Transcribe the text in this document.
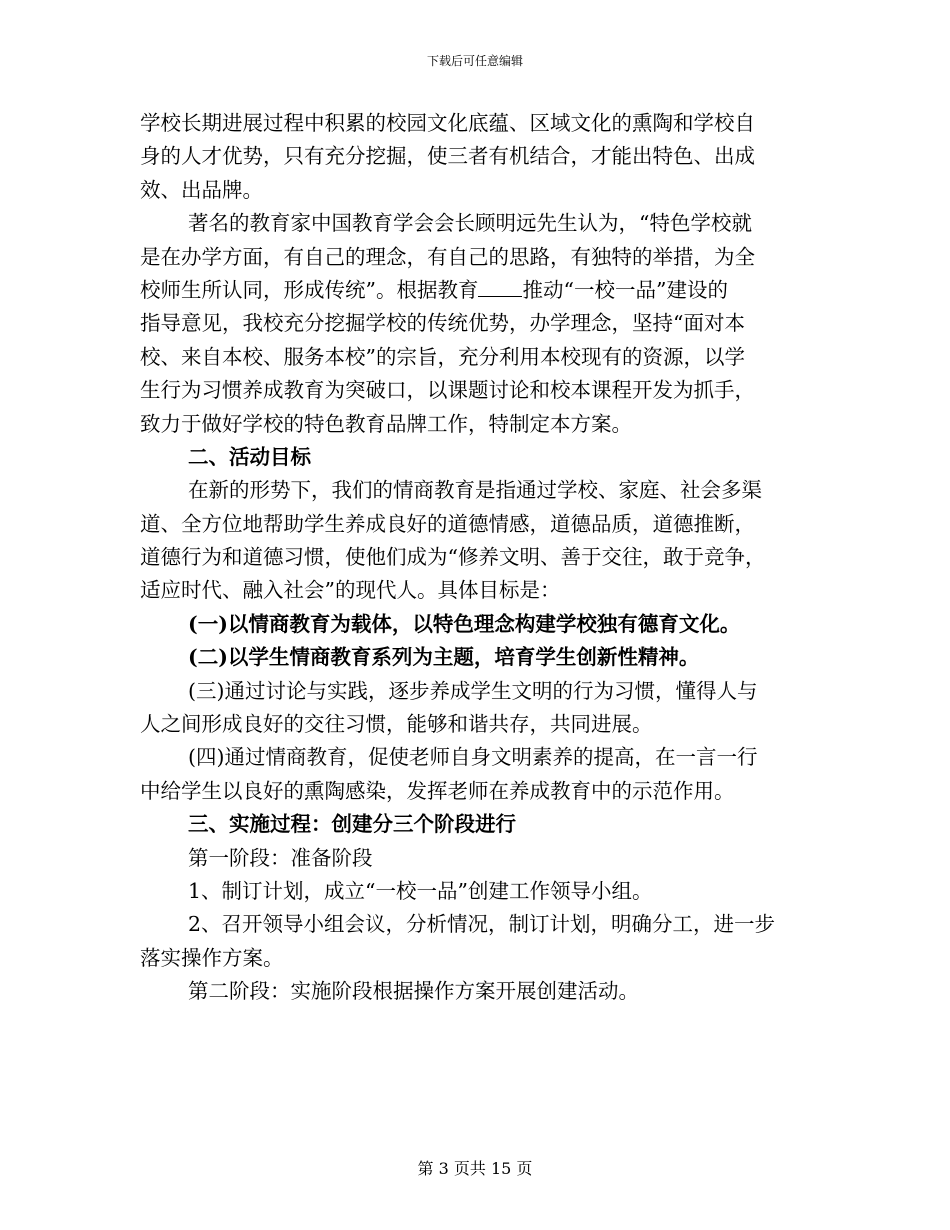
下载后可任意编辑
学校长期进展过程中积累的校园文化底蕴、区域文化的熏陶和学校自
身的人才优势，只有充分挖掘，使三者有机结合，才能出特色、出成
效、出品牌。
著名的教育家中国教育学会会长顾明远先生认为，“特色学校就
是在办学方面，有自己的理念，有自己的思路，有独特的举措，为全
校师生所认同，形成传统”。根据教育 推动“一校一品”建设的
指导意见，我校充分挖掘学校的传统优势，办学理念，坚持“面对本
校、来自本校、服务本校”的宗旨，充分利用本校现有的资源，以学
生行为习惯养成教育为突破口，以课题讨论和校本课程开发为抓手，
致力于做好学校的特色教育品牌工作，特制定本方案。
二、活动目标
在新的形势下，我们的情商教育是指通过学校、家庭、社会多渠
道、全方位地帮助学生养成良好的道德情感，道德品质，道德推断，
道德行为和道德习惯，使他们成为“修养文明、善于交往，敢于竞争，
适应时代、融入社会”的现代人。具体目标是：
(一)以情商教育为载体，以特色理念构建学校独有德育文化。
(二)以学生情商教育系列为主题，培育学生创新性精神。
(三)通过讨论与实践，逐步养成学生文明的行为习惯，懂得人与
人之间形成良好的交往习惯，能够和谐共存，共同进展。
(四)通过情商教育，促使老师自身文明素养的提高，在一言一行
中给学生以良好的熏陶感染，发挥老师在养成教育中的示范作用。
三、实施过程：创建分三个阶段进行
第一阶段：准备阶段
1、制订计划，成立“一校一品”创建工作领导小组。
2、召开领导小组会议，分析情况，制订计划，明确分工，进一步
落实操作方案。
第二阶段：实施阶段根据操作方案开展创建活动。
第 3 页共 15 页
